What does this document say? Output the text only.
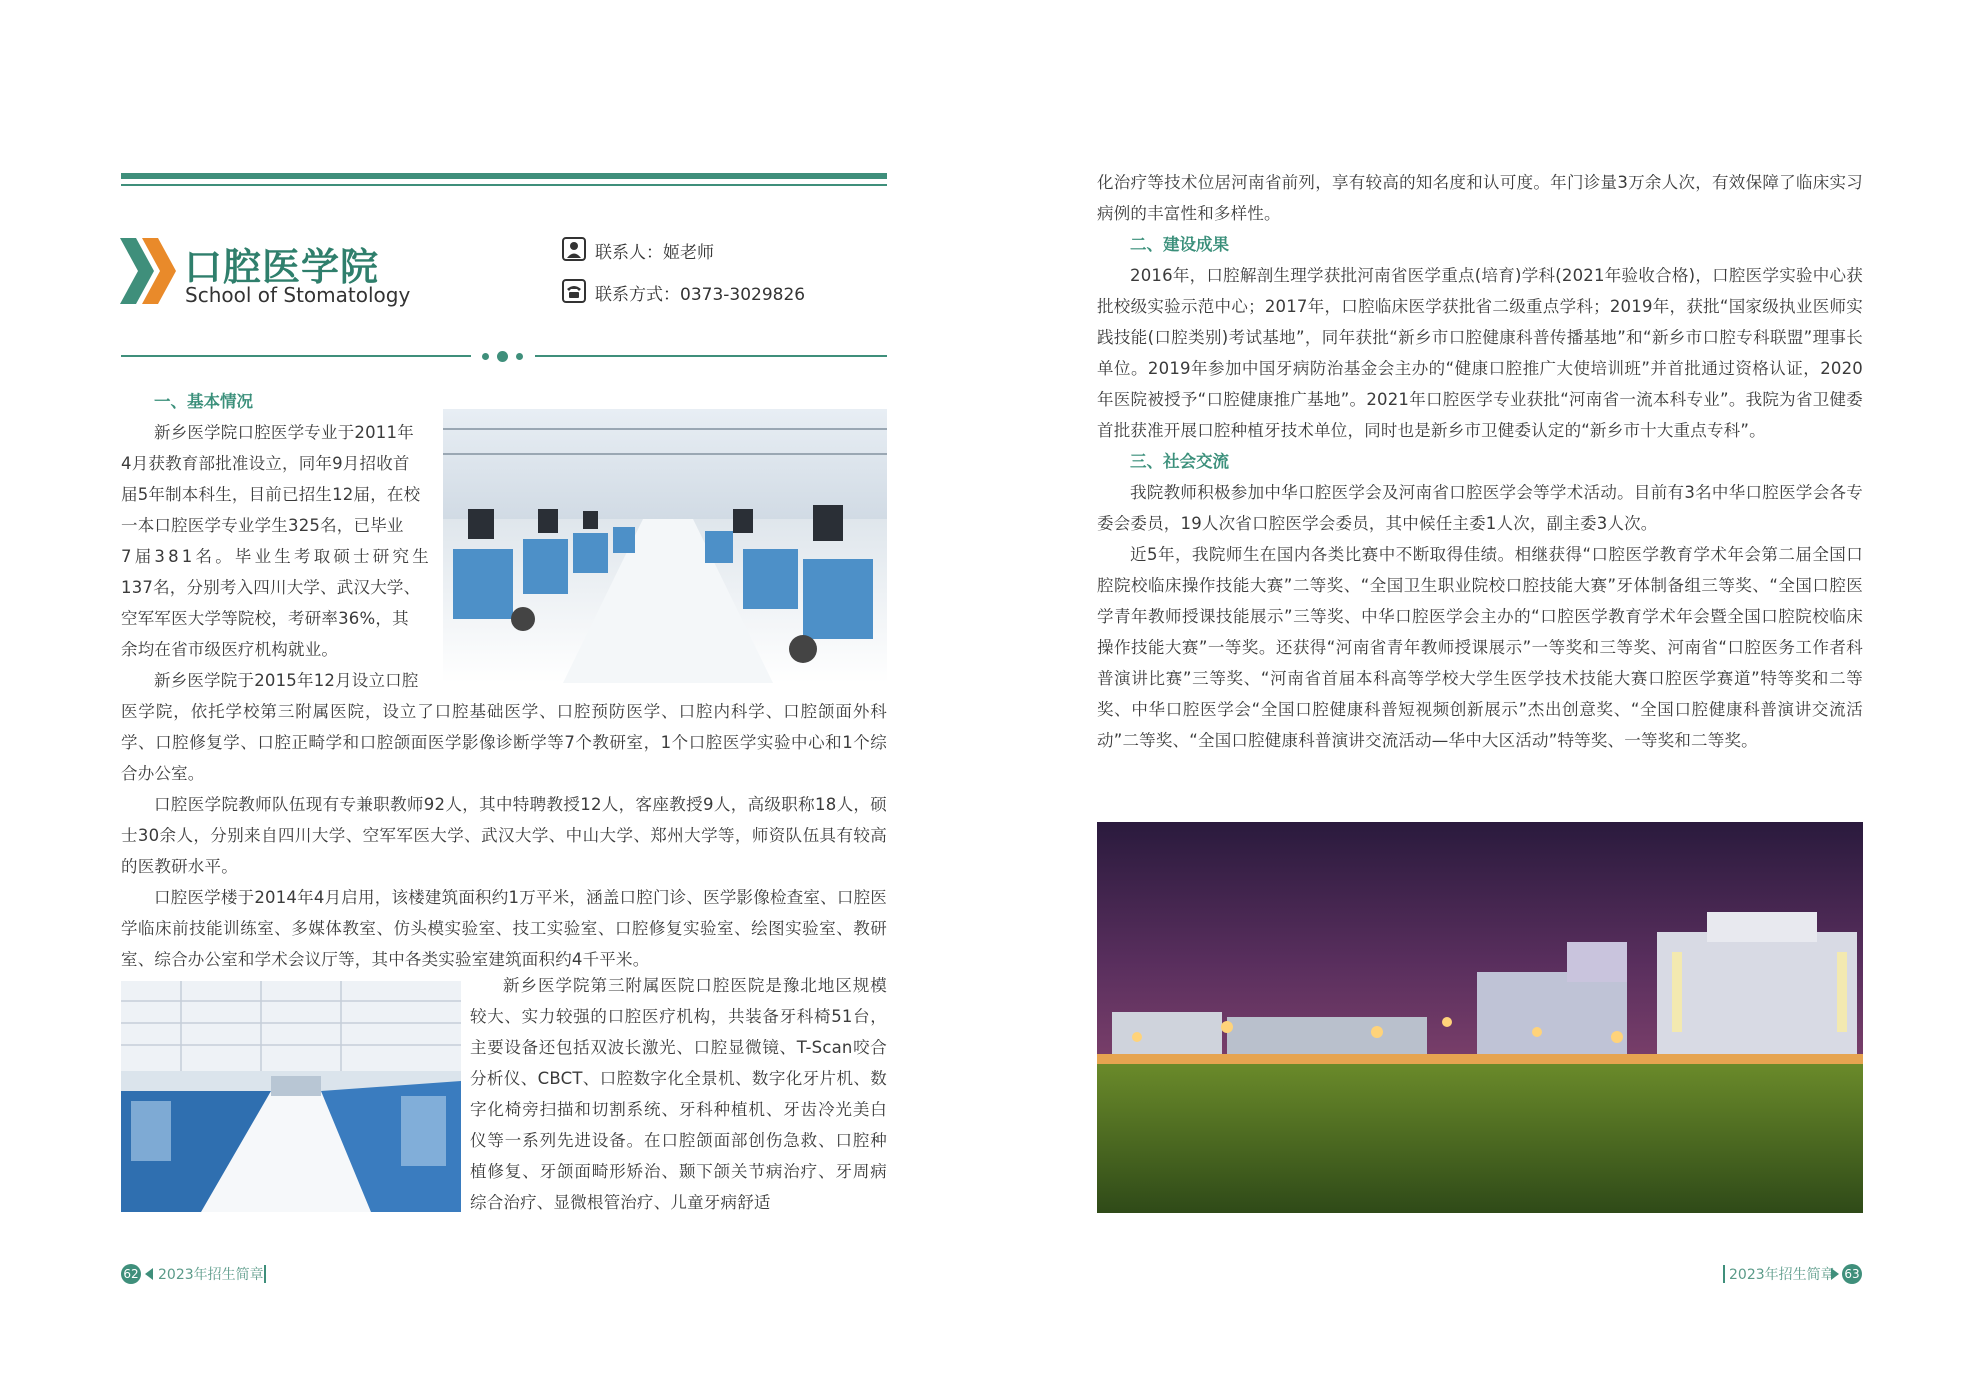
口腔医学院
School of Stomatology
联系人：姬老师
联系方式：0373-3029826

一、基本情况

新乡医学院口腔医学专业于2011年

4月获教育部批准设立，同年9月招收首

届5年制本科生，目前已招生12届，在校

一本口腔医学专业学生325名，已毕业

7届381名。毕业生考取硕士研究生

137名，分别考入四川大学、武汉大学、

空军军医大学等院校，考研率36%，其

余均在省市级医疗机构就业。

新乡医学院于2015年12月设立口腔

医学院，依托学校第三附属医院，设立了口腔基础医学、口腔预防医学、口腔内科学、口腔颌面外科学、口腔修复学、口腔正畸学和口腔颌面医学影像诊断学等7个教研室，1个口腔医学实验中心和1个综合办公室。

口腔医学院教师队伍现有专兼职教师92人，其中特聘教授12人，客座教授9人，高级职称18人，硕士30余人，分别来自四川大学、空军军医大学、武汉大学、中山大学、郑州大学等，师资队伍具有较高的医教研水平。

口腔医学楼于2014年4月启用，该楼建筑面积约1万平米，涵盖口腔门诊、医学影像检查室、口腔医学临床前技能训练室、多媒体教室、仿头模实验室、技工实验室、口腔修复实验室、绘图实验室、教研室、综合办公室和学术会议厅等，其中各类实验室建筑面积约4千平米。

新乡医学院第三附属医院口腔医院是豫北地区规模较大、实力较强的口腔医疗机构，共装备牙科椅51台，主要设备还包括双波长激光、口腔显微镜、T-Scan咬合分析仪、CBCT、口腔数字化全景机、数字化牙片机、数字化椅旁扫描和切割系统、牙科种植机、牙齿冷光美白仪等一系列先进设备。在口腔颌面部创伤急救、口腔种植修复、牙颌面畸形矫治、颞下颌关节病治疗、牙周病综合治疗、显微根管治疗、儿童牙病舒适

62 2023年招生简章

化治疗等技术位居河南省前列，享有较高的知名度和认可度。年门诊量3万余人次，有效保障了临床实习病例的丰富性和多样性。

二、建设成果

2016年，口腔解剖生理学获批河南省医学重点(培育)学科(2021年验收合格)，口腔医学实验中心获批校级实验示范中心；2017年，口腔临床医学获批省二级重点学科；2019年，获批“国家级执业医师实践技能(口腔类别)考试基地”，同年获批“新乡市口腔健康科普传播基地”和“新乡市口腔专科联盟”理事长单位。2019年参加中国牙病防治基金会主办的“健康口腔推广大使培训班”并首批通过资格认证，2020年医院被授予“口腔健康推广基地”。2021年口腔医学专业获批“河南省一流本科专业”。我院为省卫健委首批获准开展口腔种植牙技术单位，同时也是新乡市卫健委认定的“新乡市十大重点专科”。

三、社会交流

我院教师积极参加中华口腔医学会及河南省口腔医学会等学术活动。目前有3名中华口腔医学会各专委会委员，19人次省口腔医学会委员，其中候任主委1人次，副主委3人次。

近5年，我院师生在国内各类比赛中不断取得佳绩。相继获得“口腔医学教育学术年会第二届全国口腔院校临床操作技能大赛”二等奖、“全国卫生职业院校口腔技能大赛”牙体制备组三等奖、“全国口腔医学青年教师授课技能展示”三等奖、中华口腔医学会主办的“口腔医学教育学术年会暨全国口腔院校临床操作技能大赛”一等奖。还获得“河南省青年教师授课展示”一等奖和三等奖、河南省“口腔医务工作者科普演讲比赛”三等奖、“河南省首届本科高等学校大学生医学技术技能大赛口腔医学赛道”特等奖和二等奖、中华口腔医学会“全国口腔健康科普短视频创新展示”杰出创意奖、“全国口腔健康科普演讲交流活动”二等奖、“全国口腔健康科普演讲交流活动—华中大区活动”特等奖、一等奖和二等奖。

2023年招生简章 63
